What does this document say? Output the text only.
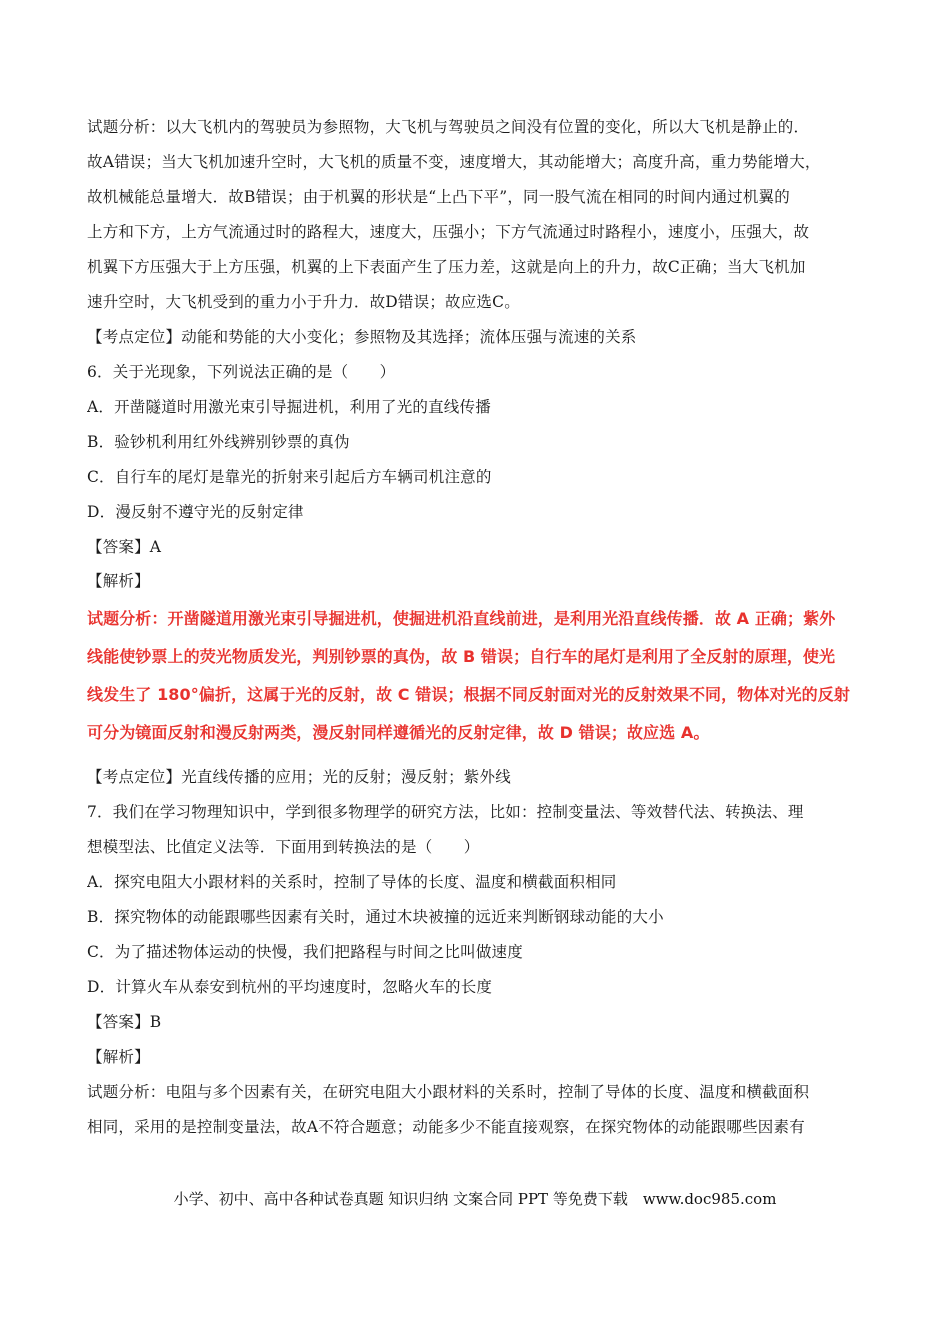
试题分析：以大飞机内的驾驶员为参照物，大飞机与驾驶员之间没有位置的变化，所以大飞机是静止的．
故A错误；当大飞机加速升空时，大飞机的质量不变，速度增大，其动能增大；高度升高，重力势能增大，
故机械能总量增大．故B错误；由于机翼的形状是“上凸下平”，同一股气流在相同的时间内通过机翼的
上方和下方，上方气流通过时的路程大，速度大，压强小；下方气流通过时路程小，速度小，压强大，故
机翼下方压强大于上方压强，机翼的上下表面产生了压力差，这就是向上的升力，故C正确；当大飞机加
速升空时，大飞机受到的重力小于升力．故D错误；故应选C。
【考点定位】动能和势能的大小变化；参照物及其选择；流体压强与流速的关系
6．关于光现象，下列说法正确的是（　　）
A．开凿隧道时用激光束引导掘进机，利用了光的直线传播
B．验钞机利用红外线辨别钞票的真伪
C．自行车的尾灯是靠光的折射来引起后方车辆司机注意的
D．漫反射不遵守光的反射定律
【答案】A
【解析】
试题分析：开凿隧道用激光束引导掘进机，使掘进机沿直线前进，是利用光沿直线传播．故 A 正确；紫外
线能使钞票上的荧光物质发光，判别钞票的真伪，故 B 错误；自行车的尾灯是利用了全反射的原理，使光
线发生了 180°偏折，这属于光的反射，故 C 错误；根据不同反射面对光的反射效果不同，物体对光的反射
可分为镜面反射和漫反射两类，漫反射同样遵循光的反射定律，故 D 错误；故应选 A。
【考点定位】光直线传播的应用；光的反射；漫反射；紫外线
7．我们在学习物理知识中，学到很多物理学的研究方法，比如：控制变量法、等效替代法、转换法、理
想模型法、比值定义法等．下面用到转换法的是（　　）
A．探究电阻大小跟材料的关系时，控制了导体的长度、温度和横截面积相同
B．探究物体的动能跟哪些因素有关时，通过木块被撞的远近来判断钢球动能的大小
C．为了描述物体运动的快慢，我们把路程与时间之比叫做速度
D．计算火车从泰安到杭州的平均速度时，忽略火车的长度
【答案】B
【解析】
试题分析：电阻与多个因素有关，在研究电阻大小跟材料的关系时，控制了导体的长度、温度和横截面积
相同，采用的是控制变量法，故A不符合题意；动能多少不能直接观察，在探究物体的动能跟哪些因素有
小学、初中、高中各种试卷真题 知识归纳 文案合同 PPT 等免费下载　www.doc985.com
